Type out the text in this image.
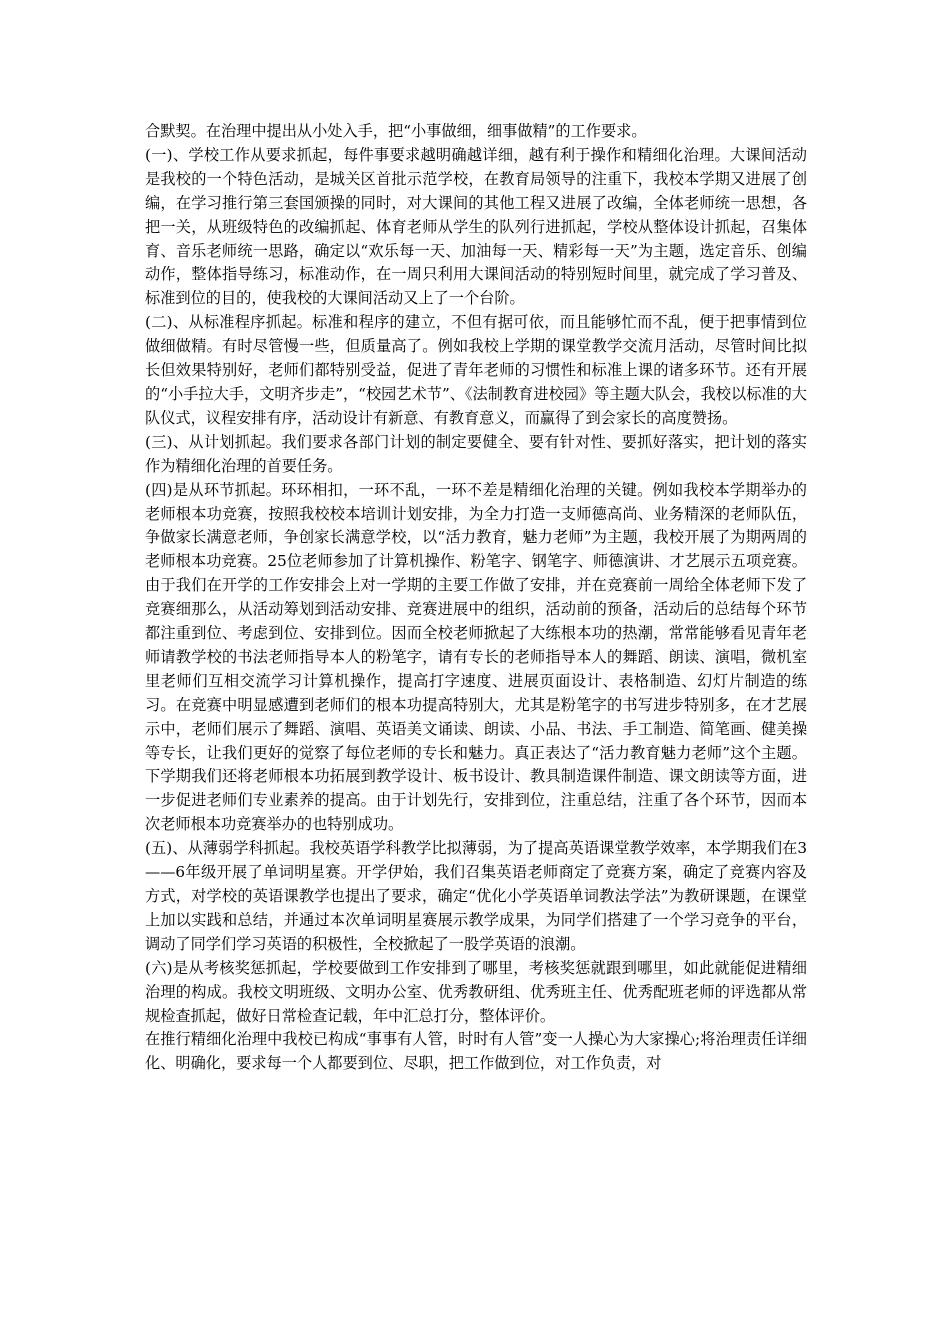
合默契。在治理中提出从小处入手，把“小事做细，细事做精”的工作要求。

(一)、学校工作从要求抓起，每件事要求越明确越详细，越有利于操作和精细化治理。大课间活动是我校的一个特色活动，是城关区首批示范学校，在教育局领导的注重下，我校本学期又进展了创编，在学习推行第三套国颁操的同时，对大课间的其他工程又进展了改编，全体老师统一思想，各把一关，从班级特色的改编抓起、体育老师从学生的队列行进抓起，学校从整体设计抓起，召集体育、音乐老师统一思路，确定以“欢乐每一天、加油每一天、精彩每一天”为主题，选定音乐、创编动作，整体指导练习，标准动作，在一周只利用大课间活动的特别短时间里，就完成了学习普及、标准到位的目的，使我校的大课间活动又上了一个台阶。

(二)、从标准程序抓起。标准和程序的建立，不但有据可依，而且能够忙而不乱，便于把事情到位做细做精。有时尽管慢一些，但质量高了。例如我校上学期的课堂教学交流月活动，尽管时间比拟长但效果特别好，老师们都特别受益，促进了青年老师的习惯性和标准上课的诸多环节。还有开展的“小手拉大手，文明齐步走”，“校园艺术节”、《法制教育进校园》等主题大队会，我校以标准的大队仪式，议程安排有序，活动设计有新意、有教育意义，而赢得了到会家长的高度赞扬。

(三)、从计划抓起。我们要求各部门计划的制定要健全、要有针对性、要抓好落实，把计划的落实作为精细化治理的首要任务。

(四)是从环节抓起。环环相扣，一环不乱，一环不差是精细化治理的关键。例如我校本学期举办的老师根本功竞赛，按照我校校本培训计划安排，为全力打造一支师德高尚、业务精深的老师队伍，争做家长满意老师，争创家长满意学校，以“活力教育，魅力老师”为主题，我校开展了为期两周的老师根本功竞赛。25位老师参加了计算机操作、粉笔字、钢笔字、师德演讲、才艺展示五项竞赛。由于我们在开学的工作安排会上对一学期的主要工作做了安排，并在竞赛前一周给全体老师下发了竞赛细那么，从活动筹划到活动安排、竞赛进展中的组织，活动前的预备，活动后的总结每个环节都注重到位、考虑到位、安排到位。因而全校老师掀起了大练根本功的热潮，常常能够看见青年老师请教学校的书法老师指导本人的粉笔字，请有专长的老师指导本人的舞蹈、朗读、演唱，微机室里老师们互相交流学习计算机操作，提高打字速度、进展页面设计、表格制造、幻灯片制造的练习。在竞赛中明显感遭到老师们的根本功提高特别大，尤其是粉笔字的书写进步特别多，在才艺展示中，老师们展示了舞蹈、演唱、英语美文诵读、朗读、小品、书法、手工制造、简笔画、健美操等专长，让我们更好的觉察了每位老师的专长和魅力。真正表达了“活力教育魅力老师”这个主题。下学期我们还将老师根本功拓展到教学设计、板书设计、教具制造课件制造、课文朗读等方面，进一步促进老师们专业素养的提高。由于计划先行，安排到位，注重总结，注重了各个环节，因而本次老师根本功竞赛举办的也特别成功。

(五)、从薄弱学科抓起。我校英语学科教学比拟薄弱，为了提高英语课堂教学效率，本学期我们在3——6年级开展了单词明星赛。开学伊始，我们召集英语老师商定了竞赛方案，确定了竞赛内容及方式，对学校的英语课教学也提出了要求，确定“优化小学英语单词教法学法”为教研课题，在课堂上加以实践和总结，并通过本次单词明星赛展示教学成果，为同学们搭建了一个学习竞争的平台，调动了同学们学习英语的积极性，全校掀起了一股学英语的浪潮。

(六)是从考核奖惩抓起，学校要做到工作安排到了哪里，考核奖惩就跟到哪里，如此就能促进精细治理的构成。我校文明班级、文明办公室、优秀教研组、优秀班主任、优秀配班老师的评选都从常规检查抓起，做好日常检查记载，年中汇总打分，整体评价。

在推行精细化治理中我校已构成“事事有人管，时时有人管”变一人操心为大家操心;将治理责任详细化、明确化，要求每一个人都要到位、尽职，把工作做到位，对工作负责，对
